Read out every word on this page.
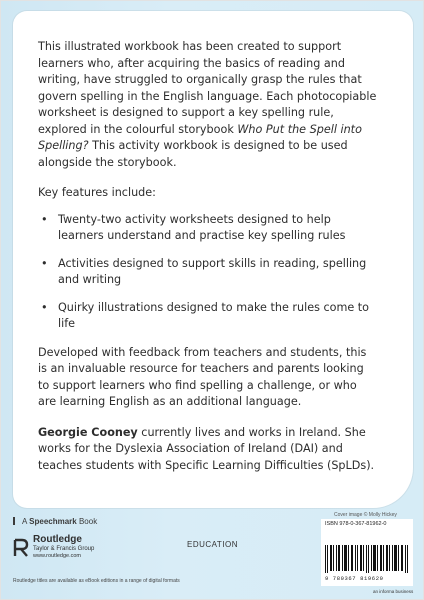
This illustrated workbook has been created to support learners who, after acquiring the basics of reading and writing, have struggled to organically grasp the rules that govern spelling in the English language. Each photocopiable worksheet is designed to support a key spelling rule, explored in the colourful storybook Who Put the Spell into Spelling? This activity workbook is designed to be used alongside the storybook.

Key features include:

• Twenty-two activity worksheets designed to help learners understand and practise key spelling rules
• Activities designed to support skills in reading, spelling and writing
• Quirky illustrations designed to make the rules come to life

Developed with feedback from teachers and students, this is an invaluable resource for teachers and parents looking to support learners who find spelling a challenge, or who are learning English as an additional language.

Georgie Cooney currently lives and works in Ireland. She works for the Dyslexia Association of Ireland (DAI) and teaches students with Specific Learning Difficulties (SpLDs).

A Speechmark Book
Routledge
Taylor & Francis Group
www.routledge.com
Routledge titles are available as eBook editions in a range of digital formats
EDUCATION
Cover image © Molly Hickey
ISBN 978-0-367-81962-0
9 780367 819620
an informa business
